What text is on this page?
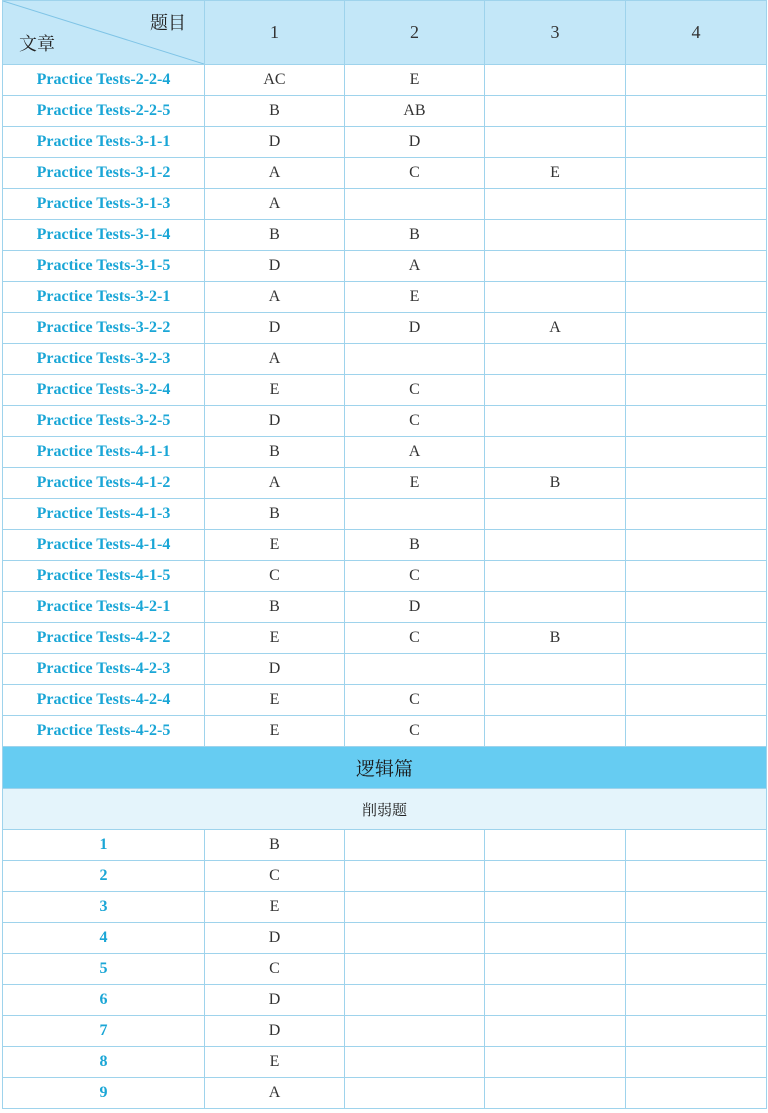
题目
文章	1	2	3	4
Practice Tests-2-2-4	AC	E		
Practice Tests-2-2-5	B	AB		
Practice Tests-3-1-1	D	D		
Practice Tests-3-1-2	A	C	E	
Practice Tests-3-1-3	A			
Practice Tests-3-1-4	B	B		
Practice Tests-3-1-5	D	A		
Practice Tests-3-2-1	A	E		
Practice Tests-3-2-2	D	D	A	
Practice Tests-3-2-3	A			
Practice Tests-3-2-4	E	C		
Practice Tests-3-2-5	D	C		
Practice Tests-4-1-1	B	A		
Practice Tests-4-1-2	A	E	B	
Practice Tests-4-1-3	B			
Practice Tests-4-1-4	E	B		
Practice Tests-4-1-5	C	C		
Practice Tests-4-2-1	B	D		
Practice Tests-4-2-2	E	C	B	
Practice Tests-4-2-3	D			
Practice Tests-4-2-4	E	C		
Practice Tests-4-2-5	E	C		
逻辑篇				
削弱题				
1	B			
2	C			
3	E			
4	D			
5	C			
6	D			
7	D			
8	E			
9	A			
